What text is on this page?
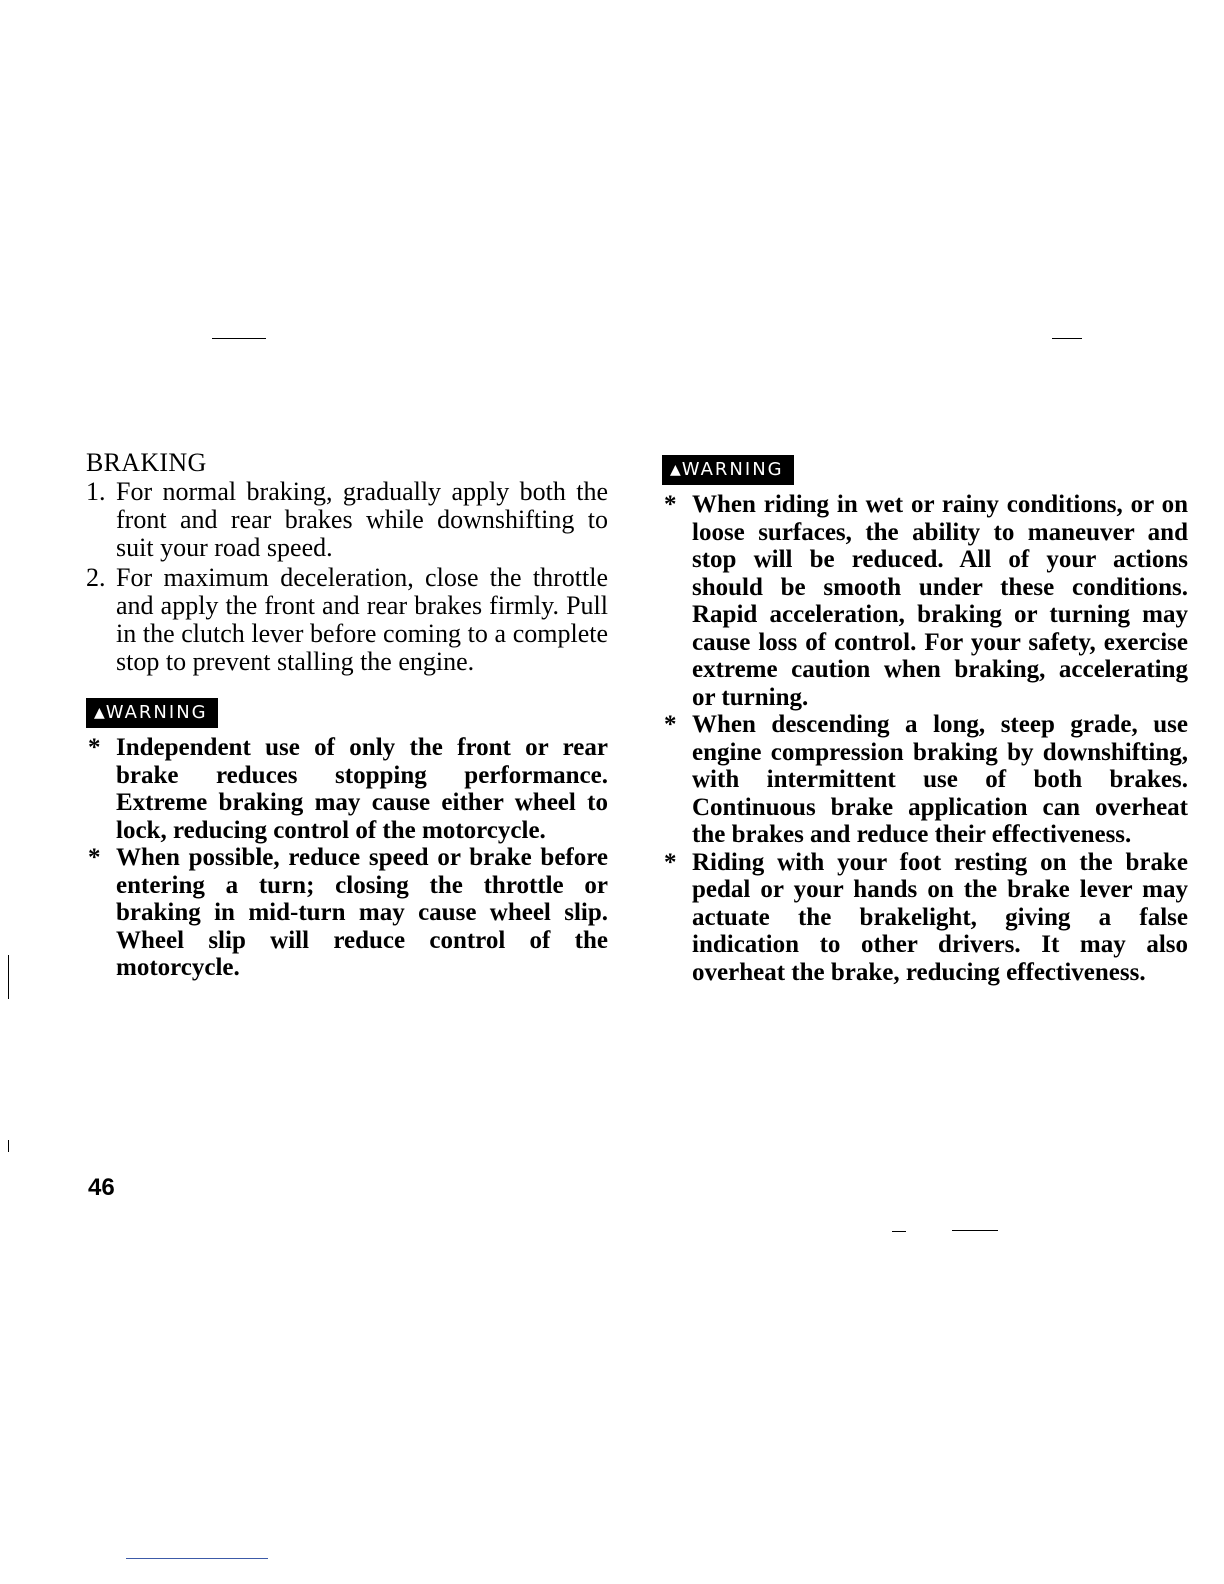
BRAKING
1. For normal braking, gradually apply both the front and rear brakes while downshifting to suit your road speed.
2. For maximum deceleration, close the throttle and apply the front and rear brakes firmly. Pull in the clutch lever before coming to a complete stop to prevent stalling the engine.
▲ WARNING
* Independent use of only the front or rear brake reduces stopping performance. Extreme braking may cause either wheel to lock, reducing control of the motorcycle.
* When possible, reduce speed or brake before entering a turn; closing the throttle or braking in mid-turn may cause wheel slip. Wheel slip will reduce control of the motorcycle.
▲ WARNING
* When riding in wet or rainy conditions, or on loose surfaces, the ability to maneuver and stop will be reduced. All of your actions should be smooth under these conditions. Rapid acceleration, braking or turning may cause loss of control. For your safety, exercise extreme caution when braking, accelerating or turning.
* When descending a long, steep grade, use engine compression braking by downshifting, with intermittent use of both brakes. Continuous brake application can overheat the brakes and reduce their effectiveness.
* Riding with your foot resting on the brake pedal or your hands on the brake lever may actuate the brakelight, giving a false indication to other drivers. It may also overheat the brake, reducing effectiveness.
46
